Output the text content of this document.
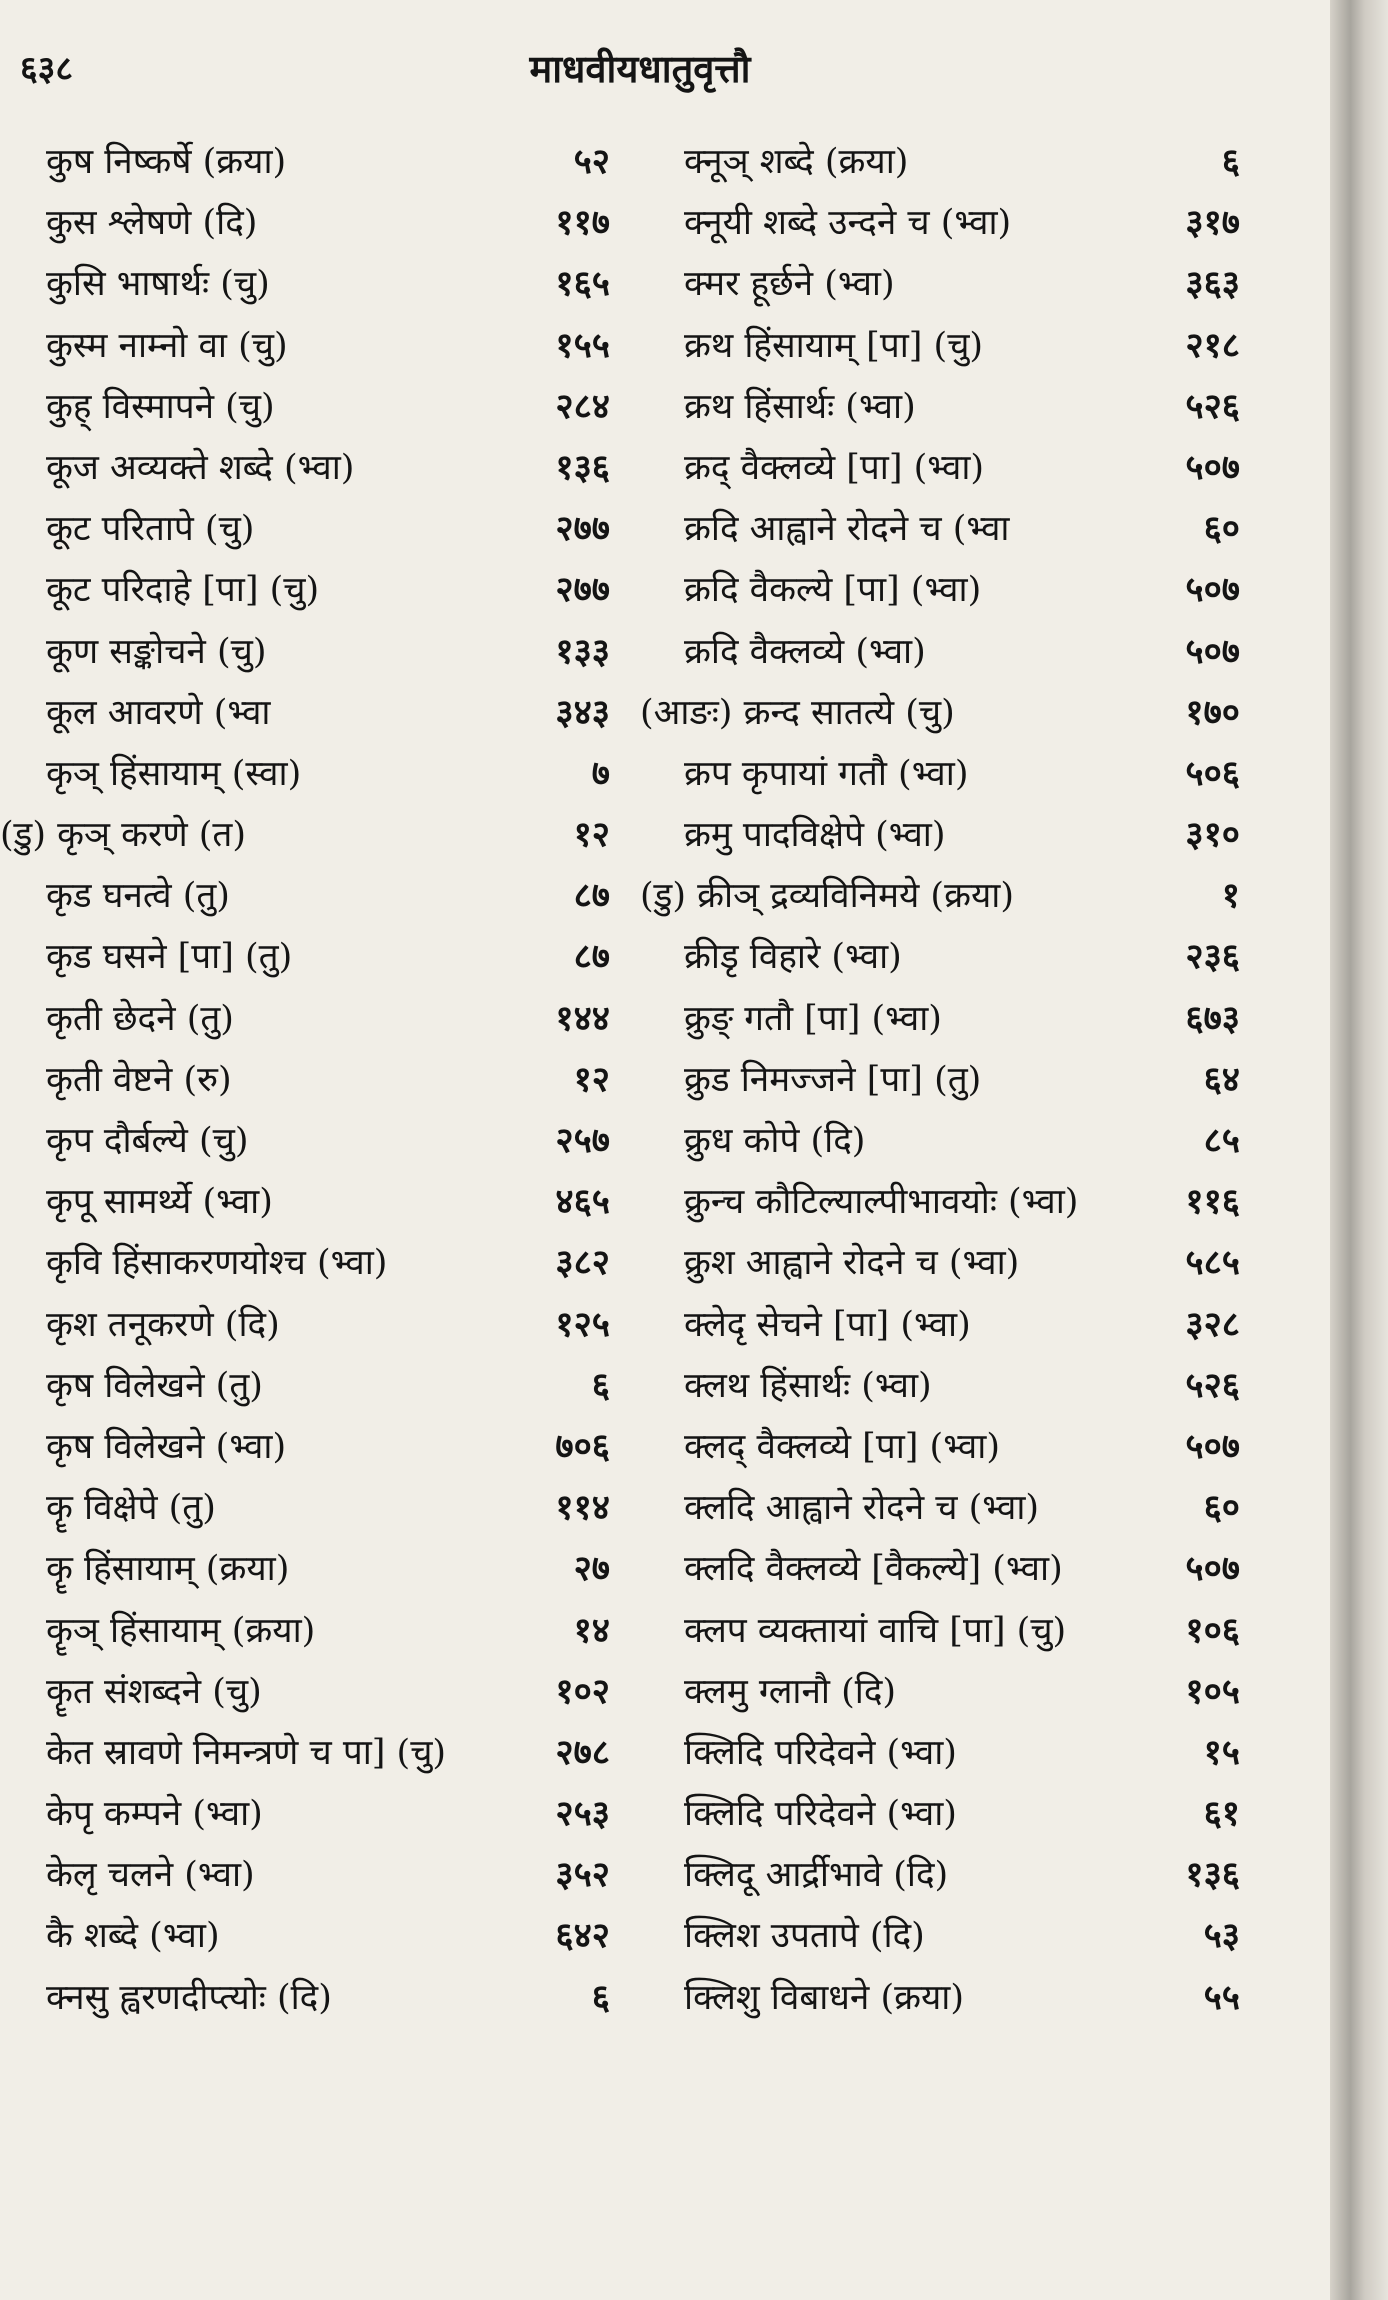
६३८	माधवीयधातुवृत्तौ
कुष निष्कर्षे (क्रया)	५२
कुस श्लेषणे (दि)	११७
कुसि भाषार्थः (चु)	१६५
कुस्म नाम्नो वा (चु)	१५५
कुह् विस्मापने (चु)	२८४
कूज अव्यक्ते शब्दे (भ्वा)	१३६
कूट परितापे (चु)	२७७
कूट परिदाहे [पा] (चु)	२७७
कूण सङ्कोचने (चु)	१३३
कूल आवरणे (भ्वा	३४३
कृञ् हिंसायाम् (स्वा)	७
(डु) कृञ् करणे (त)	१२
कृड घनत्वे (तु)	८७
कृड घसने [पा] (तु)	८७
कृती छेदने (तु)	१४४
कृती वेष्टने (रु)	१२
कृप दौर्बल्ये (चु)	२५७
कृपू सामर्थ्ये (भ्वा)	४६५
कृवि हिंसाकरणयोश्च (भ्वा)	३८२
कृश तनूकरणे (दि)	१२५
कृष विलेखने (तु)	६
कृष विलेखने (भ्वा)	७०६
कॄ विक्षेपे (तु)	११४
कॄ हिंसायाम् (क्रया)	२७
कॄञ् हिंसायाम् (क्रया)	१४
कॄत संशब्दने (चु)	१०२
केत स्रावणे निमन्त्रणे च पा] (चु)	२७८
केपृ कम्पने (भ्वा)	२५३
केलृ चलने (भ्वा)	३५२
कै शब्दे (भ्वा)	६४२
क्नसु ह्वरणदीप्त्योः (दि)	६
क्नूञ् शब्दे (क्रया)	६
क्नूयी शब्दे उन्दने च (भ्वा)	३१७
क्मर हूर्छने (भ्वा)	३६३
क्रथ हिंसायाम् [पा] (चु)	२१८
क्रथ हिंसार्थः (भ्वा)	५२६
क्रद् वैक्लव्ये [पा] (भ्वा)	५०७
क्रदि आह्वाने रोदने च (भ्वा	६०
क्रदि वैकल्ये [पा] (भ्वा)	५०७
क्रदि वैक्लव्ये (भ्वा)	५०७
(आङः) क्रन्द सातत्ये (चु)	१७०
क्रप कृपायां गतौ (भ्वा)	५०६
क्रमु पादविक्षेपे (भ्वा)	३१०
(डु) क्रीञ् द्रव्यविनिमये (क्रया)	१
क्रीडृ विहारे (भ्वा)	२३६
क्रुङ् गतौ [पा] (भ्वा)	६७३
क्रुड निमज्जने [पा] (तु)	६४
क्रुध कोपे (दि)	८५
क्रुन्च कौटिल्याल्पीभावयोः (भ्वा)	११६
क्रुश आह्वाने रोदने च (भ्वा)	५८५
क्लेदृ सेचने [पा] (भ्वा)	३२८
क्लथ हिंसार्थः (भ्वा)	५२६
क्लद् वैक्लव्ये [पा] (भ्वा)	५०७
क्लदि आह्वाने रोदने च (भ्वा)	६०
क्लदि वैक्लव्ये [वैकल्ये] (भ्वा)	५०७
क्लप व्यक्तायां वाचि [पा] (चु)	१०६
क्लमु ग्लानौ (दि)	१०५
क्लिदि परिदेवने (भ्वा)	१५
क्लिदि परिदेवने (भ्वा)	६१
क्लिदू आर्द्रीभावे (दि)	१३६
क्लिश उपतापे (दि)	५३
क्लिशु विबाधने (क्रया)	५५
